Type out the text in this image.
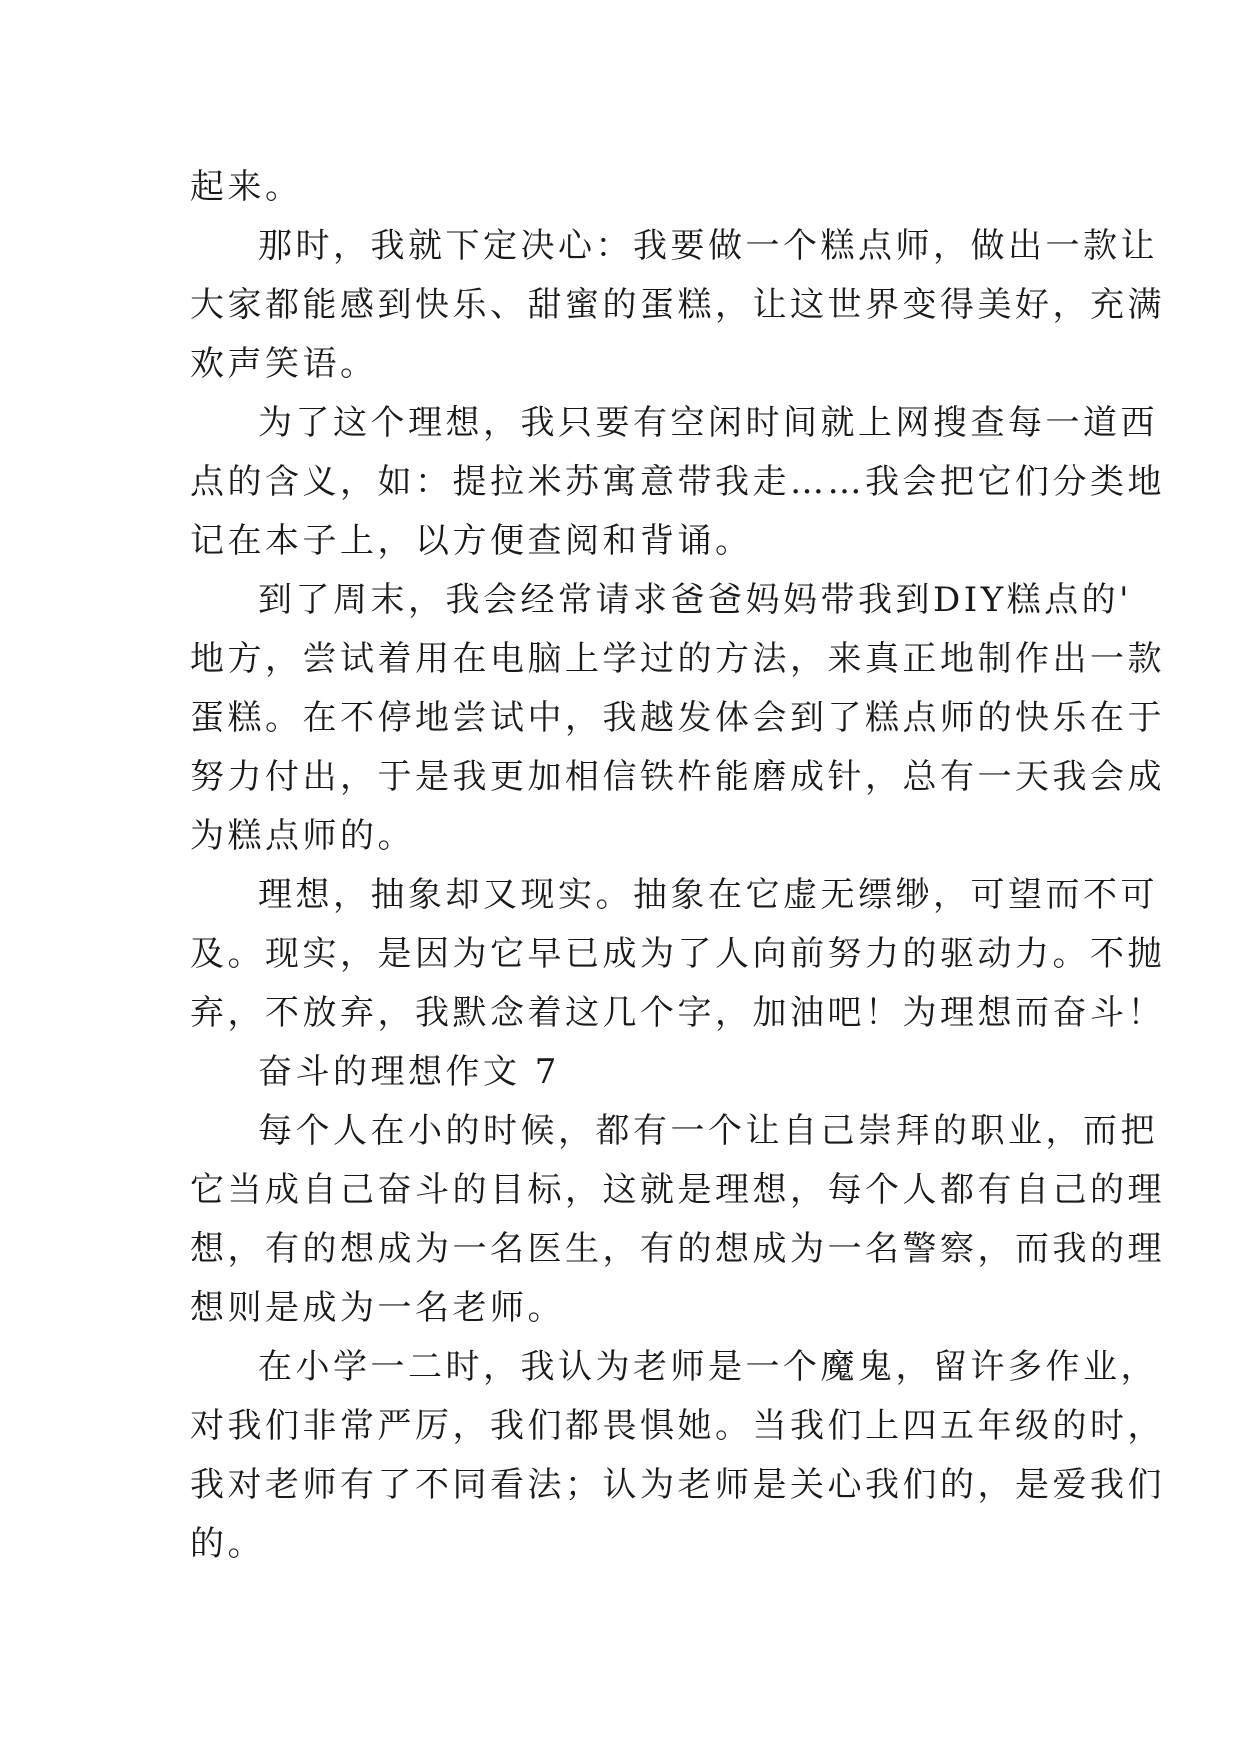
起来。
那时，我就下定决心：我要做一个糕点师，做出一款让
大家都能感到快乐、甜蜜的蛋糕，让这世界变得美好，充满
欢声笑语。
为了这个理想，我只要有空闲时间就上网搜查每一道西
点的含义，如：提拉米苏寓意带我走……我会把它们分类地
记在本子上，以方便查阅和背诵。
到了周末，我会经常请求爸爸妈妈带我到DIY糕点的'
地方，尝试着用在电脑上学过的方法，来真正地制作出一款
蛋糕。在不停地尝试中，我越发体会到了糕点师的快乐在于
努力付出，于是我更加相信铁杵能磨成针，总有一天我会成
为糕点师的。
理想，抽象却又现实。抽象在它虚无缥缈，可望而不可
及。现实，是因为它早已成为了人向前努力的驱动力。不抛
弃，不放弃，我默念着这几个字，加油吧！为理想而奋斗！
奋斗的理想作文 7
每个人在小的时候，都有一个让自己崇拜的职业，而把
它当成自己奋斗的目标，这就是理想，每个人都有自己的理
想，有的想成为一名医生，有的想成为一名警察，而我的理
想则是成为一名老师。
在小学一二时，我认为老师是一个魔鬼，留许多作业，
对我们非常严厉，我们都畏惧她。当我们上四五年级的时，
我对老师有了不同看法；认为老师是关心我们的，是爱我们
的。
